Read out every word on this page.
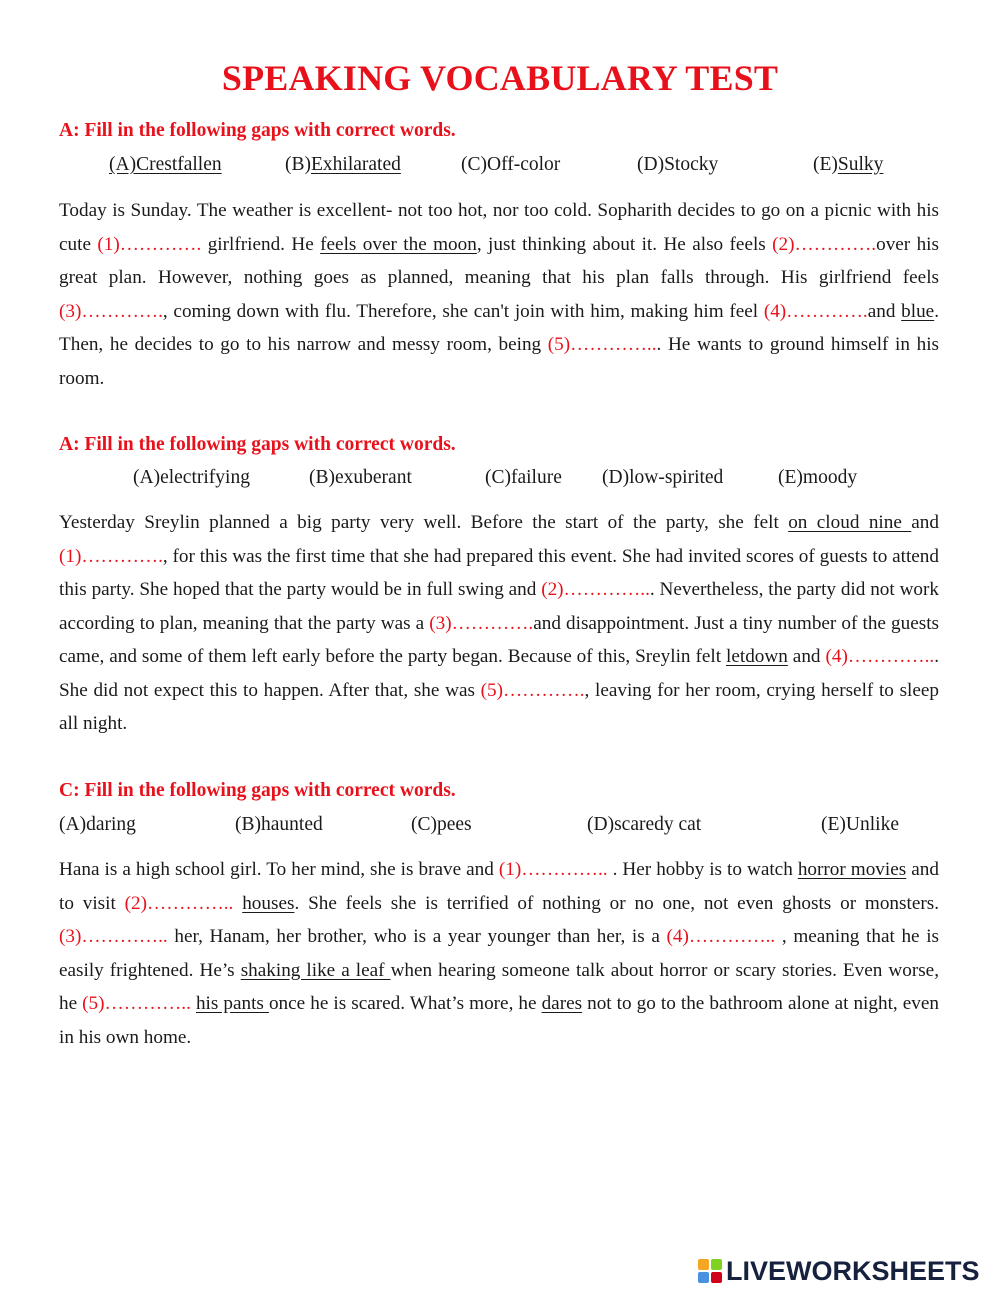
SPEAKING VOCABULARY TEST
A: Fill in the following gaps with correct words.
(A)Crestfallen	(B)Exhilarated	(C)Off-color	(D)Stocky	(E)Sulky
Today is Sunday. The weather is excellent- not too hot, nor too cold. Sopharith decides to go on a picnic with his cute (1)…………. girlfriend. He feels over the moon, just thinking about it. He also feels (2)………….over his great plan. However, nothing goes as planned, meaning that his plan falls through. His girlfriend feels (3)…………., coming down with flu. Therefore, she can't join with him, making him feel (4)………….and blue. Then, he decides to go to his narrow and messy room, being (5)…………... He wants to ground himself in his room.
A: Fill in the following gaps with correct words.
(A)electrifying	(B)exuberant	(C)failure (D)low-spirited	(E)moody
Yesterday Sreylin planned a big party very well. Before the start of the party, she felt on cloud nine and (1)…………., for this was the first time that she had prepared this event. She had invited scores of guests to attend this party. She hoped that the party would be in full swing and (2)…………... Nevertheless, the party did not work according to plan, meaning that the party was a (3)………….and disappointment. Just a tiny number of the guests came, and some of them left early before the party began. Because of this, Sreylin felt letdown and (4)…………... She did not expect this to happen. After that, she was (5)…………., leaving for her room, crying herself to sleep all night.
C: Fill in the following gaps with correct words.
(A)daring	(B)haunted	(C)pees	(D)scaredy cat	(E)Unlike
Hana is a high school girl. To her mind, she is brave and (1)………….. . Her hobby is to watch horror movies and to visit (2)………….. houses. She feels she is terrified of nothing or no one, not even ghosts or monsters. (3)………….. her, Hanam, her brother, who is a year younger than her, is a (4)………….. , meaning that he is easily frightened. He’s shaking like a leaf when hearing someone talk about horror or scary stories. Even worse, he (5)………….. his pants once he is scared. What’s more, he dares not to go to the bathroom alone at night, even in his own home.
LIVEWORKSHEETS
